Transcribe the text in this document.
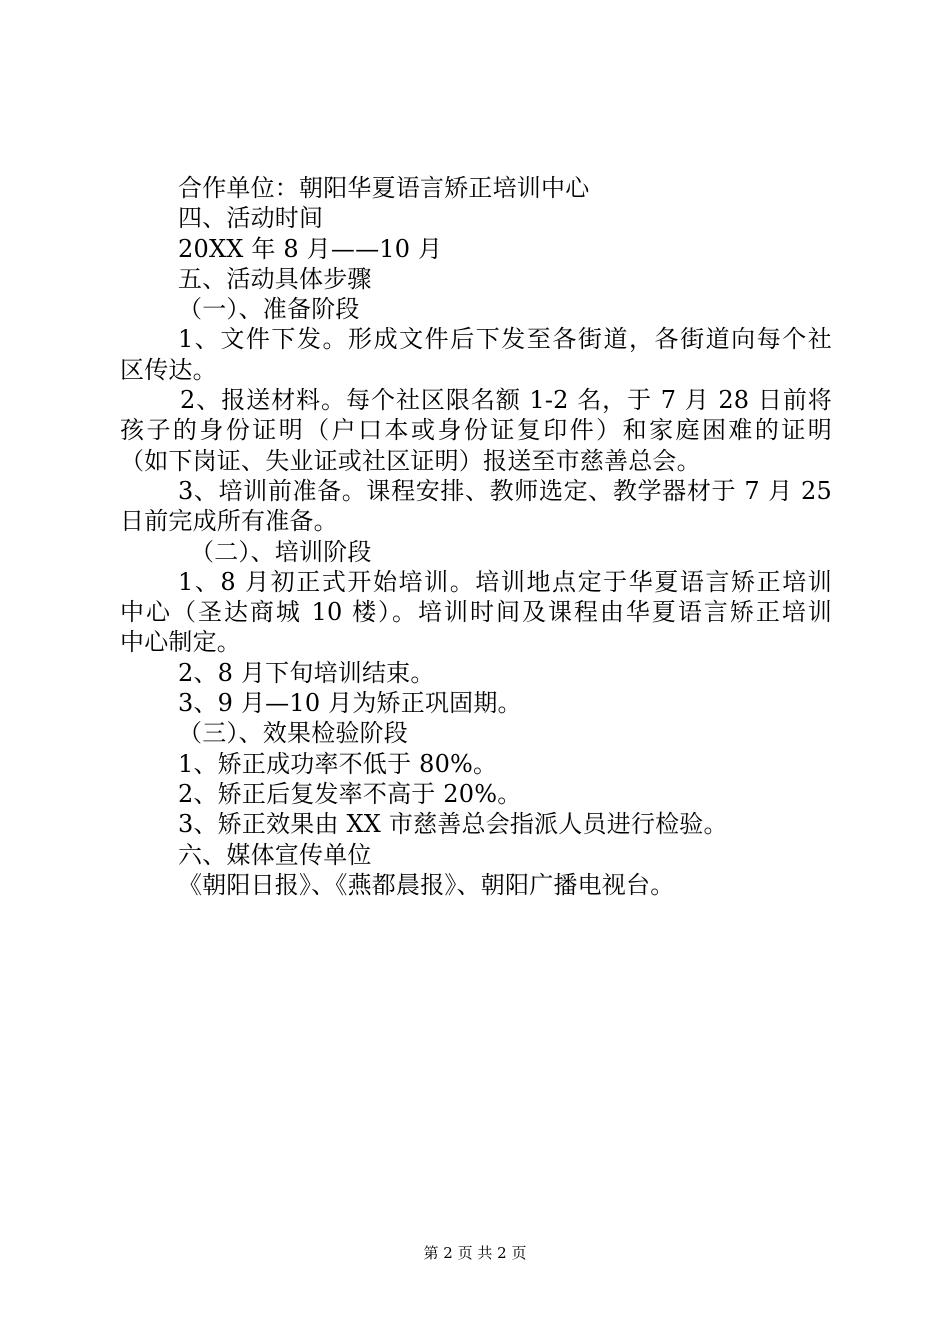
合作单位：朝阳华夏语言矫正培训中心
四、活动时间
20XX 年 8 月——10 月
五、活动具体步骤
（一）、准备阶段
1、文件下发。形成文件后下发至各街道，各街道向每个社
区传达。
2、报送材料。每个社区限名额 1-2 名，于 7 月 28 日前将
孩子的身份证明（户口本或身份证复印件）和家庭困难的证明
（如下岗证、失业证或社区证明）报送至市慈善总会。
3、培训前准备。课程安排、教师选定、教学器材于 7 月 25
日前完成所有准备。
（二）、培训阶段
1、8 月初正式开始培训。培训地点定于华夏语言矫正培训
中心（圣达商城 10 楼）。培训时间及课程由华夏语言矫正培训
中心制定。
2、8 月下旬培训结束。
3、9 月—10 月为矫正巩固期。
（三）、效果检验阶段
1、矫正成功率不低于 80%。
2、矫正后复发率不高于 20%。
3、矫正效果由 XX 市慈善总会指派人员进行检验。
六、媒体宣传单位
《朝阳日报》、《燕都晨报》、朝阳广播电视台。
第 2 页 共 2 页
